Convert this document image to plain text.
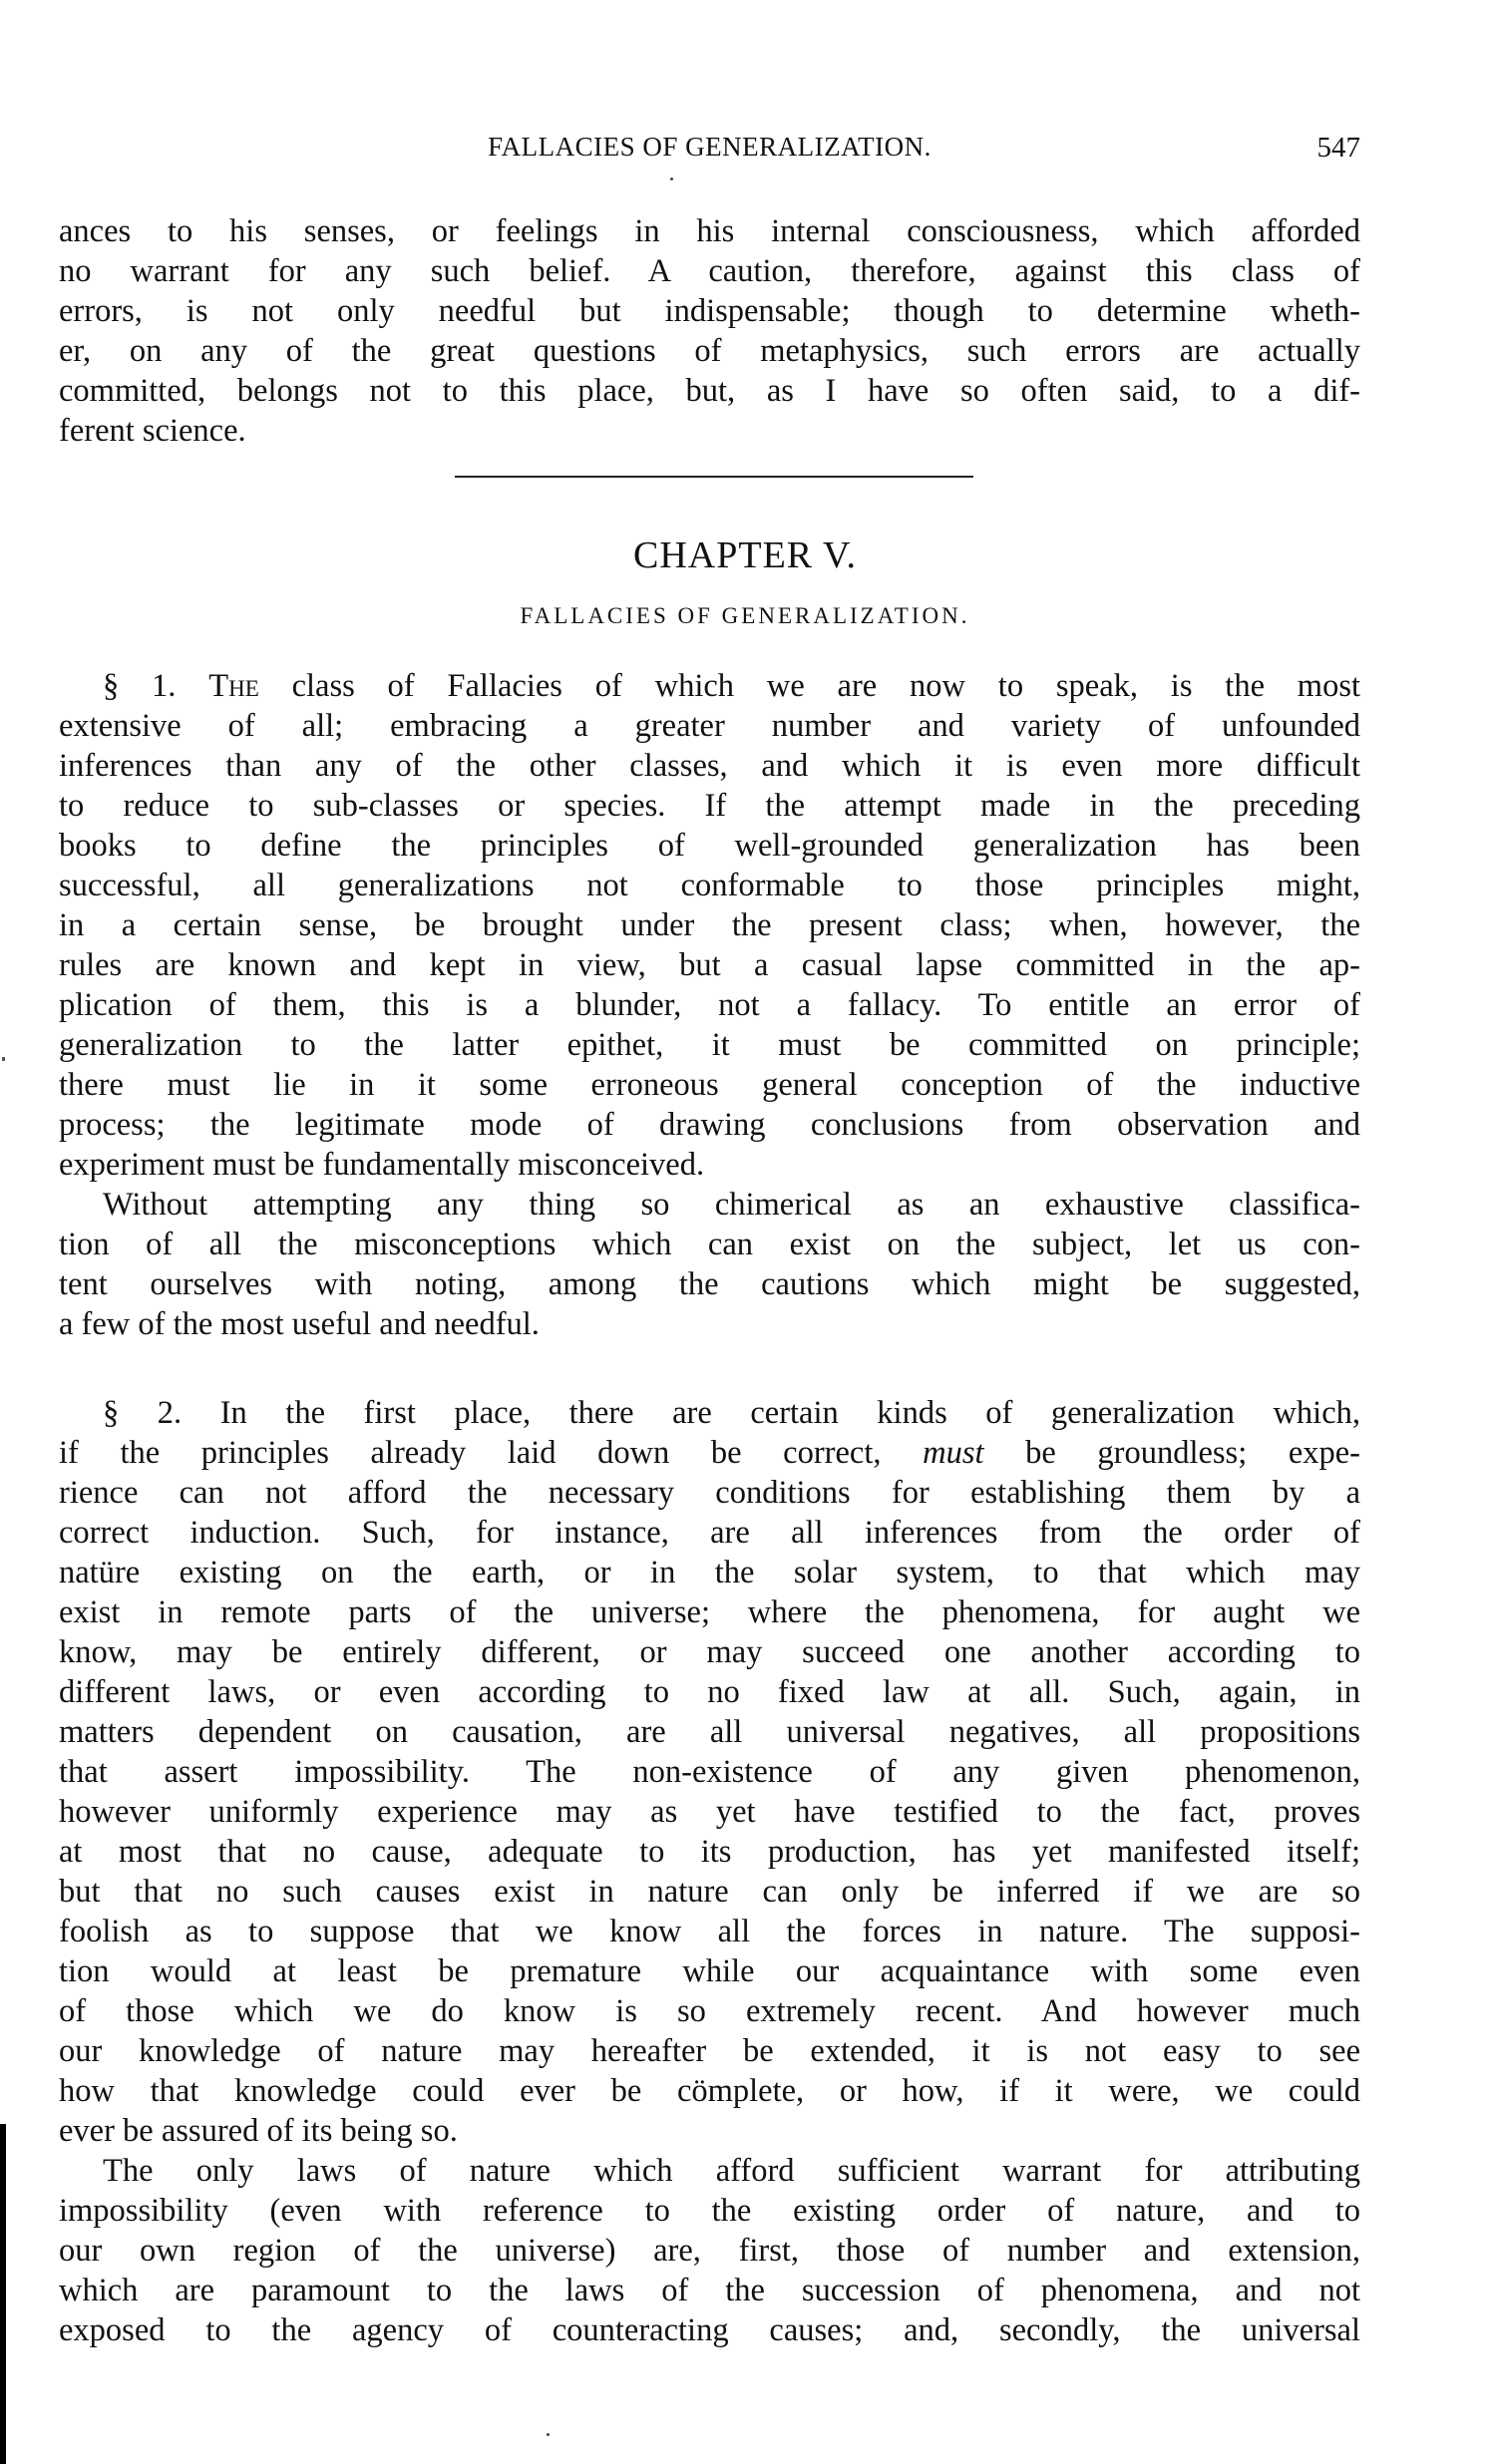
FALLACIES OF GENERALIZATION.	547
ances to his senses, or feelings in his internal consciousness, which afforded
no warrant for any such belief. A caution, therefore, against this class of
errors, is not only needful but indispensable; though to determine wheth-
er, on any of the great questions of metaphysics, such errors are actually
committed, belongs not to this place, but, as I have so often said, to a dif-
ferent science.
CHAPTER V.
FALLACIES OF GENERALIZATION.
§ 1. The class of Fallacies of which we are now to speak, is the most
extensive of all; embracing a greater number and variety of unfounded
inferences than any of the other classes, and which it is even more difficult
to reduce to sub-classes or species. If the attempt made in the preceding
books to define the principles of well-grounded generalization has been
successful, all generalizations not conformable to those principles might,
in a certain sense, be brought under the present class; when, however, the
rules are known and kept in view, but a casual lapse committed in the ap-
plication of them, this is a blunder, not a fallacy. To entitle an error of
generalization to the latter epithet, it must be committed on principle;
there must lie in it some erroneous general conception of the inductive
process; the legitimate mode of drawing conclusions from observation and
experiment must be fundamentally misconceived.
Without attempting any thing so chimerical as an exhaustive classifica-
tion of all the misconceptions which can exist on the subject, let us con-
tent ourselves with noting, among the cautions which might be suggested,
a few of the most useful and needful.
§ 2. In the first place, there are certain kinds of generalization which,
if the principles already laid down be correct, must be groundless; expe-
rience can not afford the necessary conditions for establishing them by a
correct induction. Such, for instance, are all inferences from the order of
natüre existing on the earth, or in the solar system, to that which may
exist in remote parts of the universe; where the phenomena, for aught we
know, may be entirely different, or may succeed one another according to
different laws, or even according to no fixed law at all. Such, again, in
matters dependent on causation, are all universal negatives, all propositions
that assert impossibility. The non-existence of any given phenomenon,
however uniformly experience may as yet have testified to the fact, proves
at most that no cause, adequate to its production, has yet manifested itself;
but that no such causes exist in nature can only be inferred if we are so
foolish as to suppose that we know all the forces in nature. The supposi-
tion would at least be premature while our acquaintance with some even
of those which we do know is so extremely recent. And however much
our knowledge of nature may hereafter be extended, it is not easy to see
how that knowledge could ever be cömplete, or how, if it were, we could
ever be assured of its being so.
The only laws of nature which afford sufficient warrant for attributing
impossibility (even with reference to the existing order of nature, and to
our own region of the universe) are, first, those of number and extension,
which are paramount to the laws of the succession of phenomena, and not
exposed to the agency of counteracting causes; and, secondly, the universal
